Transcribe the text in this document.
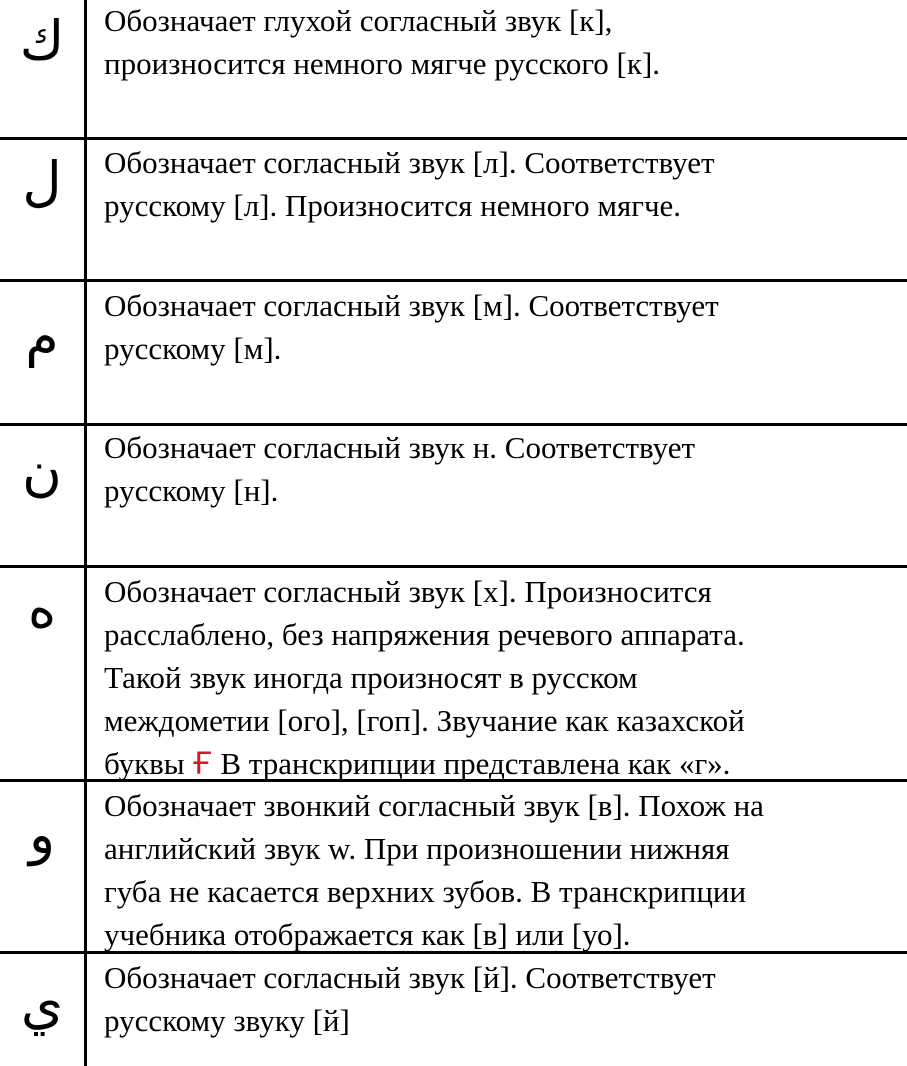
ك	Обозначает глухой согласный звук [к],
произносится немного мягче русского [к].
ل	Обозначает согласный звук [л]. Соответствует
русскому [л]. Произносится немного мягче.
م	Обозначает согласный звук [м]. Соответствует
русскому [м].
ن	Обозначает согласный звук н. Соответствует
русскому [н].
ه	Обозначает согласный звук [х]. Произносится
расслаблено, без напряжения речевого аппарата.
Такой звук иногда произносят в русском
междометии [ого], [гоп]. Звучание как казахской
буквы Ғ В транскрипции представлена как «г».
و	Обозначает звонкий согласный звук [в]. Похож на
английский звук w. При произношении нижняя
губа не касается верхних зубов. В транскрипции
учебника отображается как [в] или [уо].
ي	Обозначает согласный звук [й]. Соответствует
русскому звуку [й]
